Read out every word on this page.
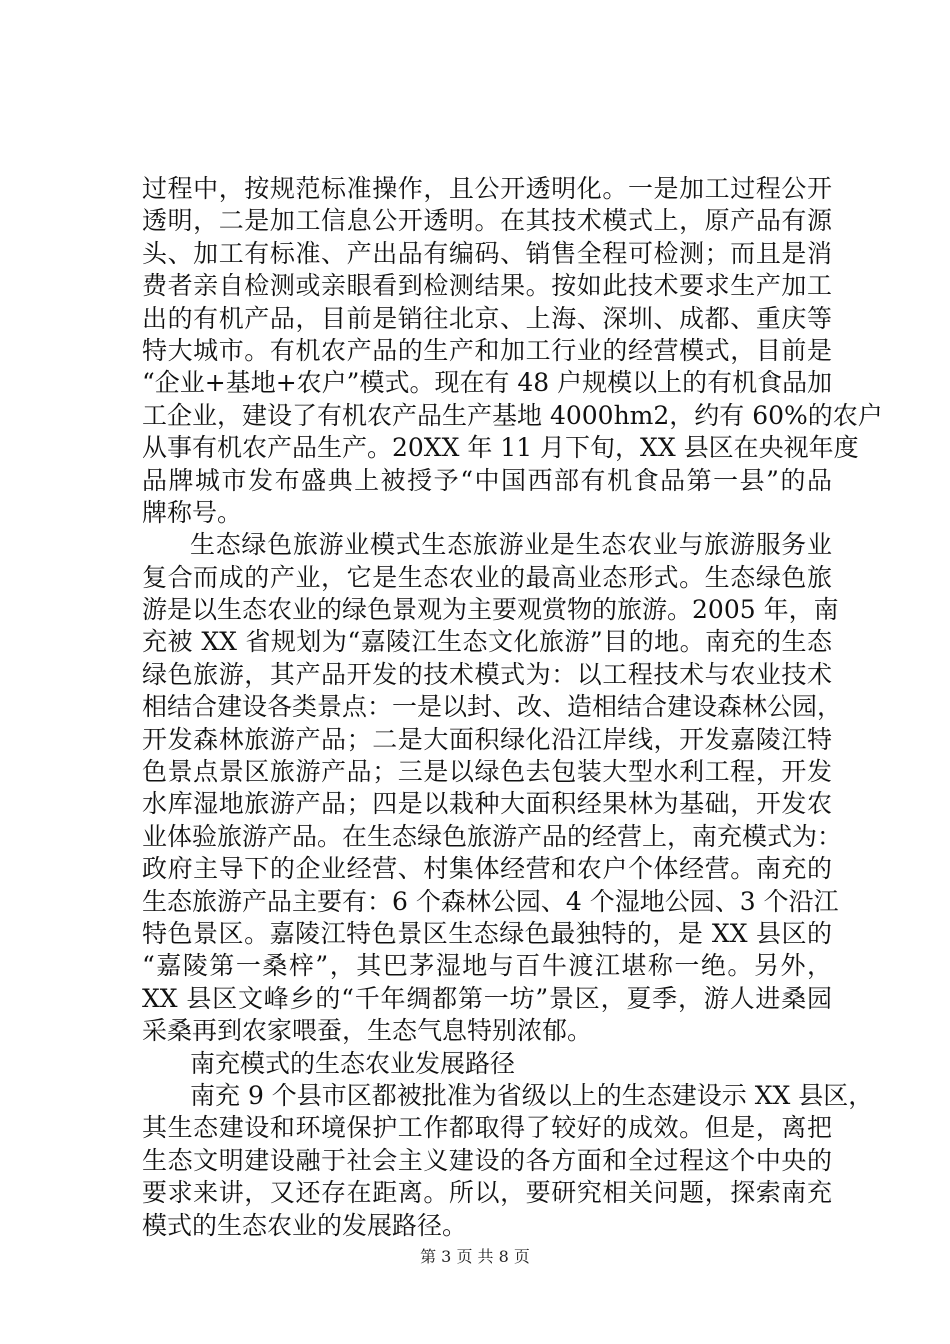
过程中，按规范标准操作，且公开透明化。一是加工过程公开
透明，二是加工信息公开透明。在其技术模式上，原产品有源
头、加工有标准、产出品有编码、销售全程可检测；而且是消
费者亲自检测或亲眼看到检测结果。按如此技术要求生产加工
出的有机产品，目前是销往北京、上海、深圳、成都、重庆等
特大城市。有机农产品的生产和加工行业的经营模式，目前是
“企业+基地+农户”模式。现在有 48 户规模以上的有机食品加
工企业，建设了有机农产品生产基地 4000hm2，约有 60%的农户
从事有机农产品生产。20XX 年 11 月下旬，XX 县区在央视年度
品牌城市发布盛典上被授予“中国西部有机食品第一县”的品
牌称号。
生态绿色旅游业模式生态旅游业是生态农业与旅游服务业
复合而成的产业，它是生态农业的最高业态形式。生态绿色旅
游是以生态农业的绿色景观为主要观赏物的旅游。2005 年，南
充被 XX 省规划为“嘉陵江生态文化旅游”目的地。南充的生态
绿色旅游，其产品开发的技术模式为：以工程技术与农业技术
相结合建设各类景点：一是以封、改、造相结合建设森林公园，
开发森林旅游产品；二是大面积绿化沿江岸线，开发嘉陵江特
色景点景区旅游产品；三是以绿色去包装大型水利工程，开发
水库湿地旅游产品；四是以栽种大面积经果林为基础，开发农
业体验旅游产品。在生态绿色旅游产品的经营上，南充模式为：
政府主导下的企业经营、村集体经营和农户个体经营。南充的
生态旅游产品主要有：6 个森林公园、4 个湿地公园、3 个沿江
特色景区。嘉陵江特色景区生态绿色最独特的，是 XX 县区的
“嘉陵第一桑梓”，其巴茅湿地与百牛渡江堪称一绝。另外，
XX 县区文峰乡的“千年绸都第一坊”景区，夏季，游人进桑园
采桑再到农家喂蚕，生态气息特别浓郁。
南充模式的生态农业发展路径
南充 9 个县市区都被批准为省级以上的生态建设示 XX 县区，
其生态建设和环境保护工作都取得了较好的成效。但是，离把
生态文明建设融于社会主义建设的各方面和全过程这个中央的
要求来讲，又还存在距离。所以，要研究相关问题，探索南充
模式的生态农业的发展路径。
第 3 页 共 8 页
